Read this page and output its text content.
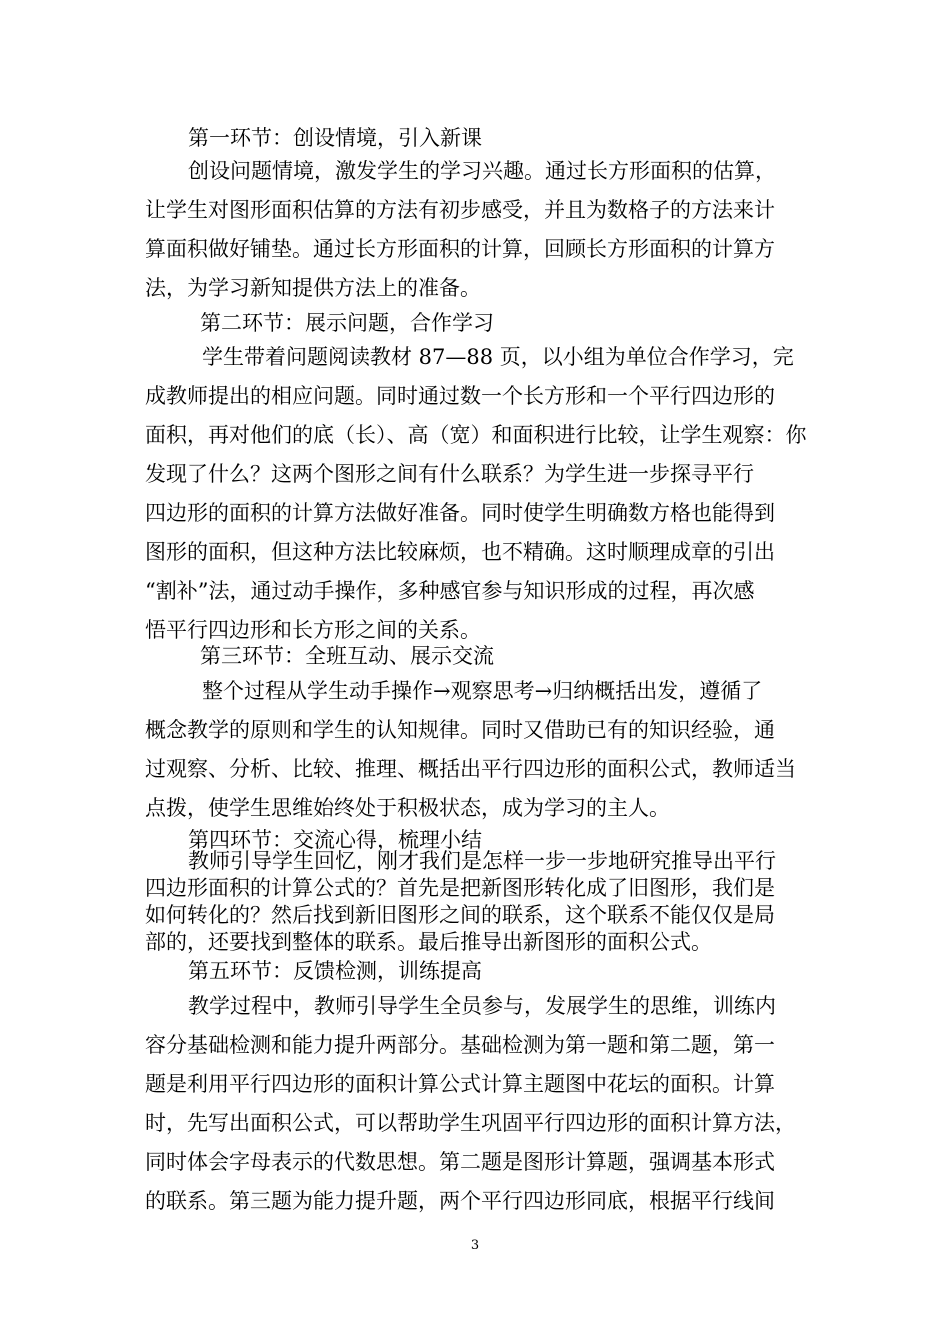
第一环节：创设情境，引入新课
创设问题情境，激发学生的学习兴趣。通过长方形面积的估算，
让学生对图形面积估算的方法有初步感受，并且为数格子的方法来计
算面积做好铺垫。通过长方形面积的计算，回顾长方形面积的计算方
法，为学习新知提供方法上的准备。
第二环节：展示问题，合作学习
学生带着问题阅读教材 87—88 页，以小组为单位合作学习，完
成教师提出的相应问题。同时通过数一个长方形和一个平行四边形的
面积，再对他们的底（长）、高（宽）和面积进行比较，让学生观察：你
发现了什么？这两个图形之间有什么联系？为学生进一步探寻平行
四边形的面积的计算方法做好准备。同时使学生明确数方格也能得到
图形的面积，但这种方法比较麻烦，也不精确。这时顺理成章的引出
“割补”法，通过动手操作，多种感官参与知识形成的过程，再次感
悟平行四边形和长方形之间的关系。
第三环节：全班互动、展示交流
整个过程从学生动手操作→观察思考→归纳概括出发，遵循了
概念教学的原则和学生的认知规律。同时又借助已有的知识经验，通
过观察、分析、比较、推理、概括出平行四边形的面积公式，教师适当
点拨，使学生思维始终处于积极状态，成为学习的主人。
第四环节：交流心得，梳理小结
教师引导学生回忆，刚才我们是怎样一步一步地研究推导出平行
四边形面积的计算公式的？首先是把新图形转化成了旧图形，我们是
如何转化的？然后找到新旧图形之间的联系，这个联系不能仅仅是局
部的，还要找到整体的联系。最后推导出新图形的面积公式。
第五环节：反馈检测，训练提高
教学过程中，教师引导学生全员参与，发展学生的思维，训练内
容分基础检测和能力提升两部分。基础检测为第一题和第二题，第一
题是利用平行四边形的面积计算公式计算主题图中花坛的面积。计算
时，先写出面积公式，可以帮助学生巩固平行四边形的面积计算方法，
同时体会字母表示的代数思想。第二题是图形计算题，强调基本形式
的联系。第三题为能力提升题，两个平行四边形同底，根据平行线间
3
